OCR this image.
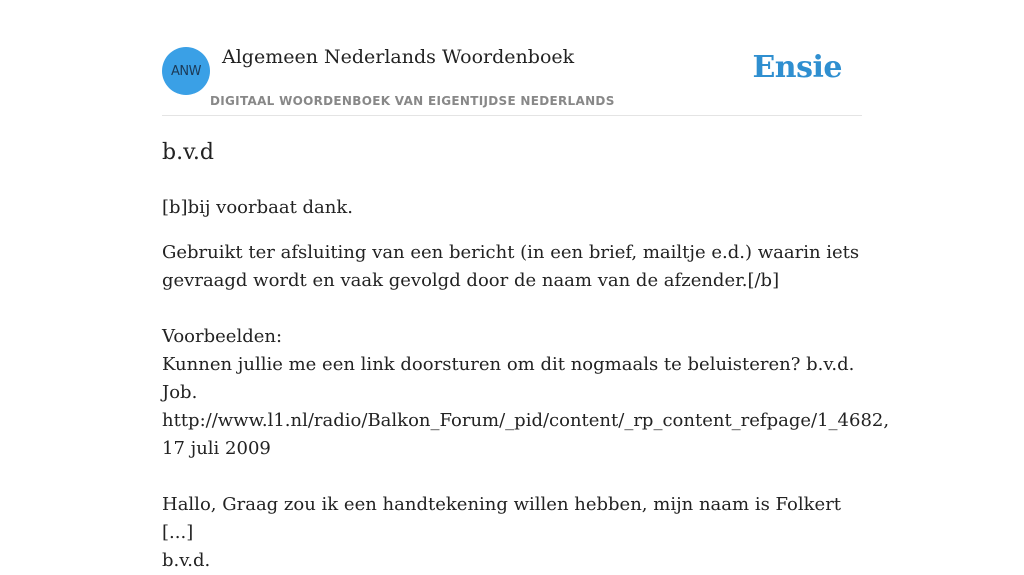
ANW
Algemeen Nederlands Woordenboek
DIGITAAL WOORDENBOEK VAN EIGENTIJDSE NEDERLANDS
Ensie
b.v.d
[b]bij voorbaat dank.

Gebruikt ter afsluiting van een bericht (in een brief, mailtje e.d.) waarin iets

gevraagd wordt en vaak gevolgd door de naam van de afzender.[/b]

Voorbeelden:

Kunnen jullie me een link doorsturen om dit nogmaals te beluisteren? b.v.d. Job.

http://www.l1.nl/radio/Balkon_Forum/_pid/content/_rp_content_refpage/1_4682,

17 juli 2009

Hallo, Graag zou ik een handtekening willen hebben, mijn naam is Folkert [...]

b.v.d.
